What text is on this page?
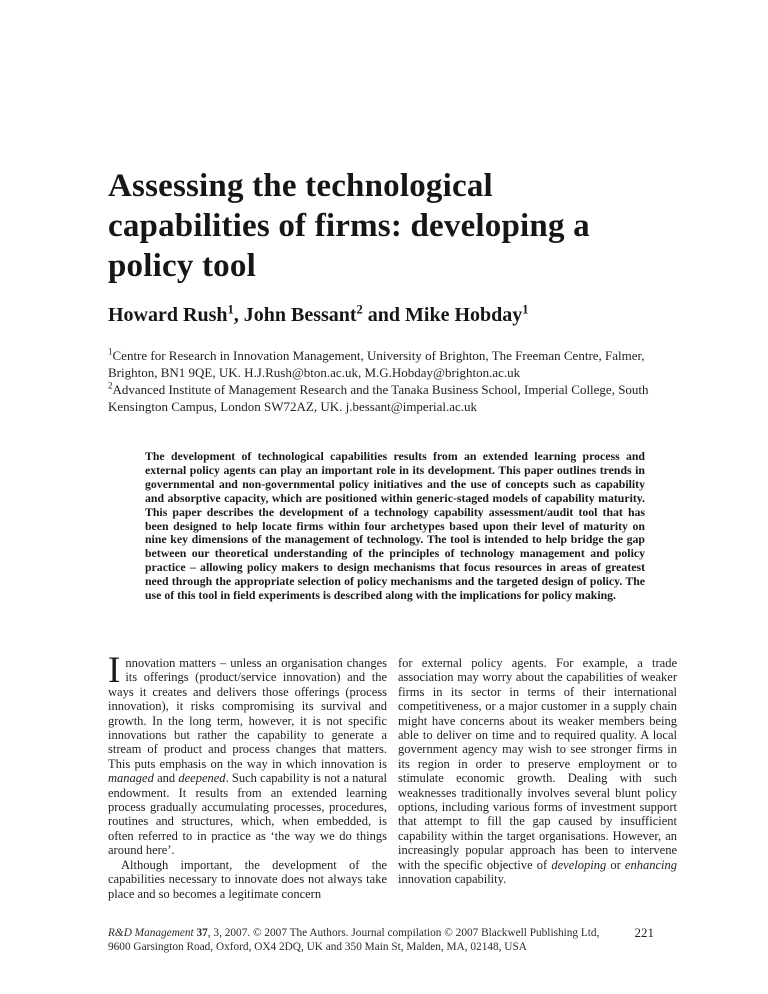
Assessing the technological
capabilities of firms: developing a
policy tool
Howard Rush$^1$, John Bessant$^2$ and Mike Hobday$^1$

$^1$Centre for Research in Innovation Management, University of Brighton, The Freeman Centre, Falmer, Brighton, BN1 9QE, UK. H.J.Rush@bton.ac.uk, M.G.Hobday@brighton.ac.uk

$^2$Advanced Institute of Management Research and the Tanaka Business School, Imperial College, South Kensington Campus, London SW72AZ, UK. j.bessant@imperial.ac.uk

The development of technological capabilities results from an extended learning process and external policy agents can play an important role in its development. This paper outlines trends in governmental and non-governmental policy initiatives and the use of concepts such as capability and absorptive capacity, which are positioned within generic-staged models of capability maturity. This paper describes the development of a technology capability assessment/audit tool that has been designed to help locate firms within four archetypes based upon their level of maturity on nine key dimensions of the management of technology. The tool is intended to help bridge the gap between our theoretical understanding of the principles of technology management and policy practice – allowing policy makers to design mechanisms that focus resources in areas of greatest need through the appropriate selection of policy mechanisms and the targeted design of policy. The use of this tool in field experiments is described along with the implications for policy making.

Innovation matters – unless an organisation changes its offerings (product/service innovation) and the ways it creates and delivers those offerings (process innovation), it risks compromising its survival and growth. In the long term, however, it is not specific innovations but rather the capability to generate a stream of product and process changes that matters. This puts emphasis on the way in which innovation is managed and deepened. Such capability is not a natural endowment. It results from an extended learning process gradually accumulating processes, procedures, routines and structures, which, when embedded, is often referred to in practice as ‘the way we do things around here’.

Although important, the development of the capabilities necessary to innovate does not always take place and so becomes a legitimate concern

for external policy agents. For example, a trade association may worry about the capabilities of weaker firms in its sector in terms of their international competitiveness, or a major customer in a supply chain might have concerns about its weaker members being able to deliver on time and to required quality. A local government agency may wish to see stronger firms in its region in order to preserve employment or to stimulate economic growth. Dealing with such weaknesses traditionally involves several blunt policy options, including various forms of investment support that attempt to fill the gap caused by insufficient capability within the target organisations. However, an increasingly popular approach has been to intervene with the specific objective of developing or enhancing innovation capability.

R&D Management 37, 3, 2007. © 2007 The Authors. Journal compilation © 2007 Blackwell Publishing Ltd,
9600 Garsington Road, Oxford, OX4 2DQ, UK and 350 Main St, Malden, MA, 02148, USA
221
